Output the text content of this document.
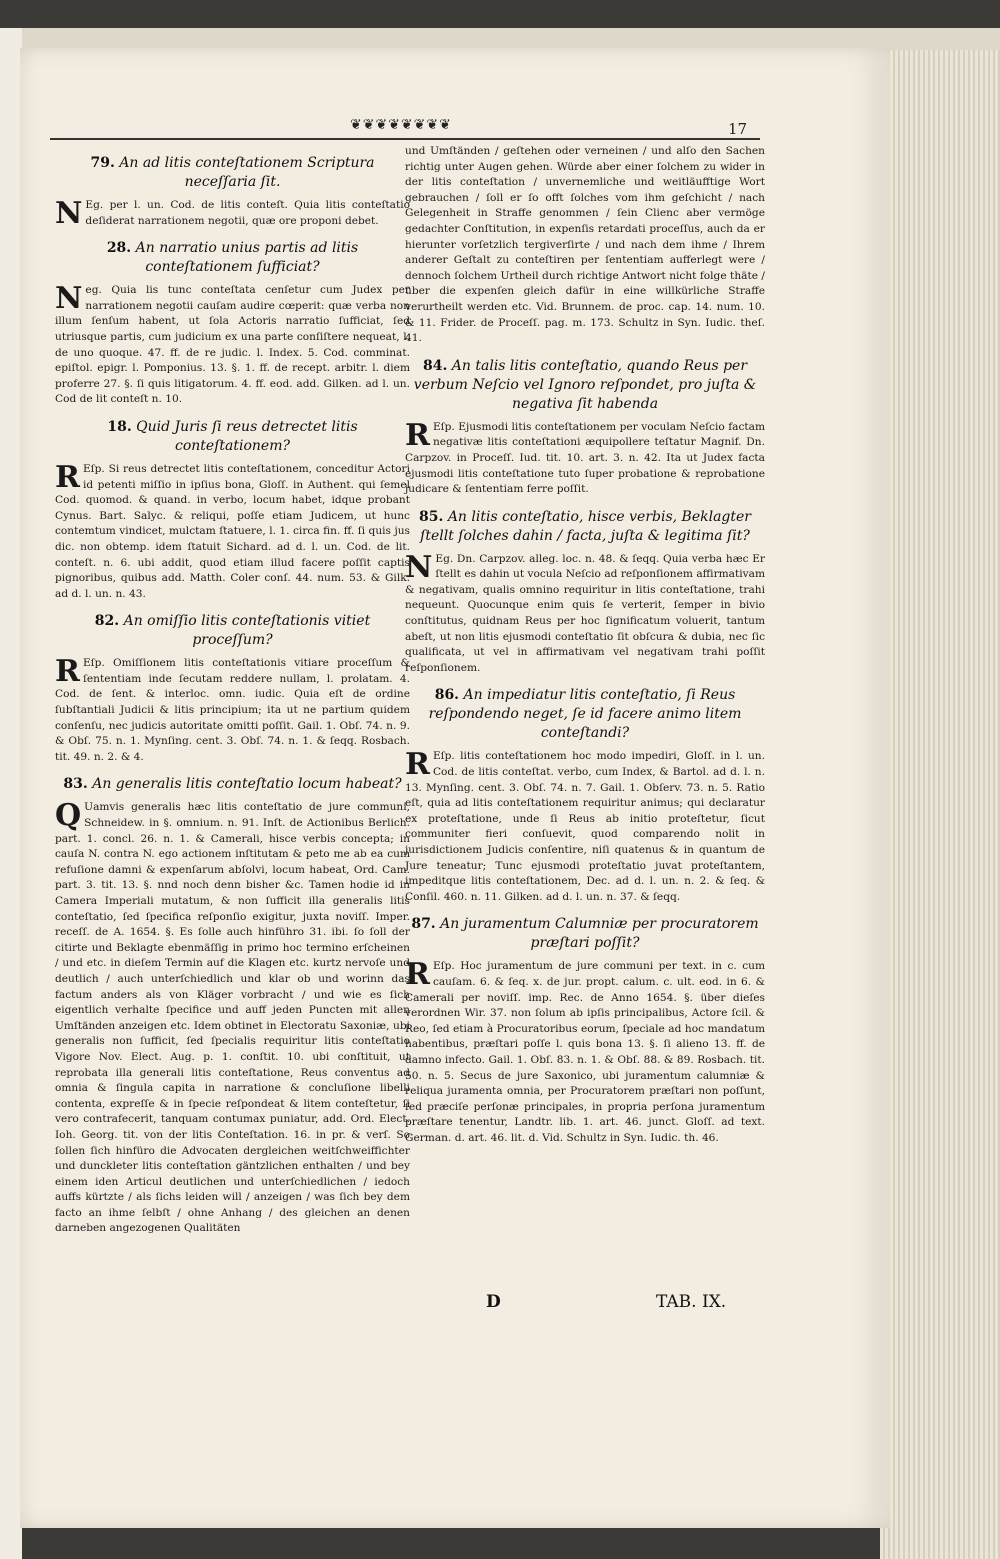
❦❦❦❦❦❦❦❦	17
79. An ad litis conteſtationem Scriptura neceſſaria ſit.

N Eg. per l. un. Cod. de litis conteſt. Quia litis conteſtatio deſiderat narrationem negotii, quæ ore proponi debet.

28. An narratio unius partis ad litis conteſtationem ſufficiat?

Neg. Quia lis tunc conteſtata cenſetur cum Judex per narrationem negotii cauſam audire cœperit: quæ verba non illum ſenſum habent, ut ſola Actoris narratio ſufficiat, ſed utriusque partis, cum judicium ex una parte conſiſtere nequeat, l. de uno quoque. 47. ff. de re judic. l. Index. 5. Cod. comminat. epiſtol. epigr. l. Pomponius. 13. §. 1. ff. de recept. arbitr. l. diem proferre 27. §. ſi quis litigatorum. 4. ff. eod. add. Gilken. ad l. un. Cod de lit conteſt n. 10.

18. Quid Juris ſi reus detrectet litis conteſtationem?

R Eſp. Si reus detrectet litis conteſtationem, conceditur Actori id petenti miſſio in ipſius bona, Gloſſ. in Authent. qui ſemel Cod. quomod. & quand. in verbo, locum habet, idque probant Cynus. Bart. Salyc. & reliqui, poſſe etiam Judicem, ut hunc contemtum vindicet, mulctam ſtatuere, l. 1. circa fin. ff. ſi quis jus dic. non obtemp. idem ſtatuit Sichard. ad d. l. un. Cod. de lit. conteſt. n. 6. ubi addit, quod etiam illud facere poſſit captis pignoribus, quibus add. Matth. Coler conſ. 44. num. 53. & Gilk. ad d. l. un. n. 43.

82. An omiſſio litis conteſtationis vitiet proceſſum?

R Eſp. Omiſſionem litis conteſtationis vitiare proceſſum & ſententiam inde ſecutam reddere nullam, l. prolatam. 4. Cod. de ſent. & interloc. omn. iudic. Quia eſt de ordine ſubſtantiali Judicii & litis principium; ita ut ne partium quidem conſenſu, nec judicis autoritate omitti poſſit. Gail. 1. Obſ. 74. n. 9. & Obſ. 75. n. 1. Mynſing. cent. 3. Obſ. 74. n. 1. & ſeqq. Rosbach. tit. 49. n. 2. & 4.

83. An generalis litis conteſtatio locum habeat?

Q Uamvis generalis hæc litis conteſtatio de jure communi, Schneidew. in §. omnium. n. 91. Inſt. de Actionibus Berlich. part. 1. concl. 26. n. 1. & Camerali, hisce verbis concepta; in cauſa N. contra N. ego actionem inſtitutam & peto me ab ea cum refuſione damni & expenſarum abſolvi, locum habeat, Ord. Cam. part. 3. tit. 13. §. nnd noch denn bisher &c. Tamen hodie id in Camera Imperiali mutatum, & non ſufficit illa generalis litis conteſtatio, ſed ſpecifica reſponſio exigitur, juxta noviſſ. Imper. receſſ. de A. 1654. §. Es ſolle auch hinführo 31. ibi. ſo ſoll der citirte und Beklagte ebenmäſſig in primo hoc termino erſcheinen / und etc. in dieſem Termin auf die Klagen etc. kurtz nervoſe und deutlich / auch unterſchiedlich und klar ob und worinn das factum anders als von Kläger vorbracht / und wie es ſich eigentlich verhalte ſpecifice und auff jeden Puncten mit allen Umſtänden anzeigen etc. Idem obtinet in Electoratu Saxoniæ, ubi generalis non ſufficit, ſed ſpecialis requiritur litis conteſtatio Vigore Nov. Elect. Aug. p. 1. conſtit. 10. ubi conſtituit, ut reprobata illa generali litis conteſtatione, Reus conventus ad omnia & ſingula capita in narratione & concluſione libelli contenta, expreſſe & in ſpecie reſpondeat & litem conteſtetur, ſi vero contrafecerit, tanquam contumax puniatur, add. Ord. Elect. Ioh. Georg. tit. von der litis Conteſtation. 16. in pr. & verſ. So ſollen ſich hinfüro die Advocaten dergleichen weitſchweiffichter und dunckleter litis conteſtation gäntzlichen enthalten / und bey einem iden Articul deutlichen und unterſchiedlichen / iedoch auffs kürtzte / als ſichs leiden will / anzeigen / was ſich bey dem facto an ihme ſelbſt / ohne Anhang / des gleichen an denen darneben angezogenen Qualitäten

und Umſtänden / geſtehen oder verneinen / und alſo den Sachen richtig unter Augen gehen. Würde aber einer ſolchem zu wider in der litis conteſtation / unvernemliche und weitläufftige Wort gebrauchen / ſoll er ſo offt ſolches vom ihm geſchicht / nach Gelegenheit in Straffe genommen / ſein Clienc aber vermöge gedachter Conſtitution, in expenſis retardati proceſſus, auch da er hierunter vorſetzlich tergiverſirte / und nach dem ihme / Ihrem anderer Geſtalt zu conteſtiren per ſententiam aufferlegt were / dennoch ſolchem Urtheil durch richtige Antwort nicht folge thäte / über die expenſen gleich dafür in eine willkürliche Straffe verurtheilt werden etc. Vid. Brunnem. de proc. cap. 14. num. 10. & 11. Frider. de Proceſſ. pag. m. 173. Schultz in Syn. Iudic. theſ. 41.

84. An talis litis conteſtatio, quando Reus per verbum Neſcio vel Ignoro reſpondet, pro juſta & negativa ſit habenda

R Eſp. Ejusmodi litis conteſtationem per voculam Neſcio factam negativæ litis conteſtationi æquipollere teſtatur Magnif. Dn. Carpzov. in Proceſſ. Iud. tit. 10. art. 3. n. 42. Ita ut Judex facta ejusmodi litis conteſtatione tuto ſuper probatione & reprobatione judicare & ſententiam ferre poſſit.

85. An litis conteſtatio, hisce verbis, Beklagter ſtellt ſolches dahin / facta, juſta & legitima ſit?

N Eg. Dn. Carpzov. alleg. loc. n. 48. & ſeqq. Quia verba hæc Er ſtellt es dahin ut vocula Neſcio ad reſponſionem affirmativam & negativam, qualis omnino requiritur in litis conteſtatione, trahi nequeunt. Quocunque enim quis ſe verterit, ſemper in bivio conſtitutus, quidnam Reus per hoc ſignificatum voluerit, tantum abeſt, ut non litis ejusmodi conteſtatio ſit obſcura & dubia, nec ſic qualificata, ut vel in affirmativam vel negativam trahi poſſit reſponſionem.

86. An impediatur litis conteſtatio, ſi Reus reſpondendo neget, ſe id facere animo litem conteſtandi?

R Eſp. litis conteſtationem hoc modo impediri, Gloſſ. in l. un. Cod. de litis conteſtat. verbo, cum Index, & Bartol. ad d. l. n. 13. Mynſing. cent. 3. Obſ. 74. n. 7. Gail. 1. Obſerv. 73. n. 5. Ratio eſt, quia ad litis conteſtationem requiritur animus; qui declaratur ex proteſtatione, unde ſi Reus ab initio proteſtetur, ſicut communiter fieri conſuevit, quod comparendo nolit in jurisdictionem Judicis conſentire, niſi quatenus & in quantum de Jure teneatur; Tunc ejusmodi proteſtatio juvat proteſtantem, impeditque litis conteſtationem, Dec. ad d. l. un. n. 2. & ſeq. & Conſil. 460. n. 11. Gilken. ad d. l. un. n. 37. & ſeqq.

87. An juramentum Calumniæ per procuratorem præſtari poſſit?

R Eſp. Hoc juramentum de jure communi per text. in c. cum cauſam. 6. & ſeq. x. de jur. propt. calum. c. ult. eod. in 6. & Camerali per noviſſ. imp. Rec. de Anno 1654. §. über dieſes verordnen Wir. 37. non ſolum ab ipſis principalibus, Actore ſcil. & Reo, ſed etiam à Procuratoribus eorum, ſpeciale ad hoc mandatum habentibus, præſtari poſſe l. quis bona 13. §. ſi alieno 13. ff. de damno infecto. Gail. 1. Obſ. 83. n. 1. & Obſ. 88. & 89. Rosbach. tit. 50. n. 5. Secus de jure Saxonico, ubi juramentum calumniæ & reliqua juramenta omnia, per Procuratorem præſtari non poſſunt, ſed præciſe perſonæ principales, in propria perſona juramentum præſtare tenentur, Landtr. lib. 1. art. 46. junct. Gloſſ. ad text. German. d. art. 46. lit. d. Vid. Schultz in Syn. Iudic. th. 46.

D	TAB. IX.
